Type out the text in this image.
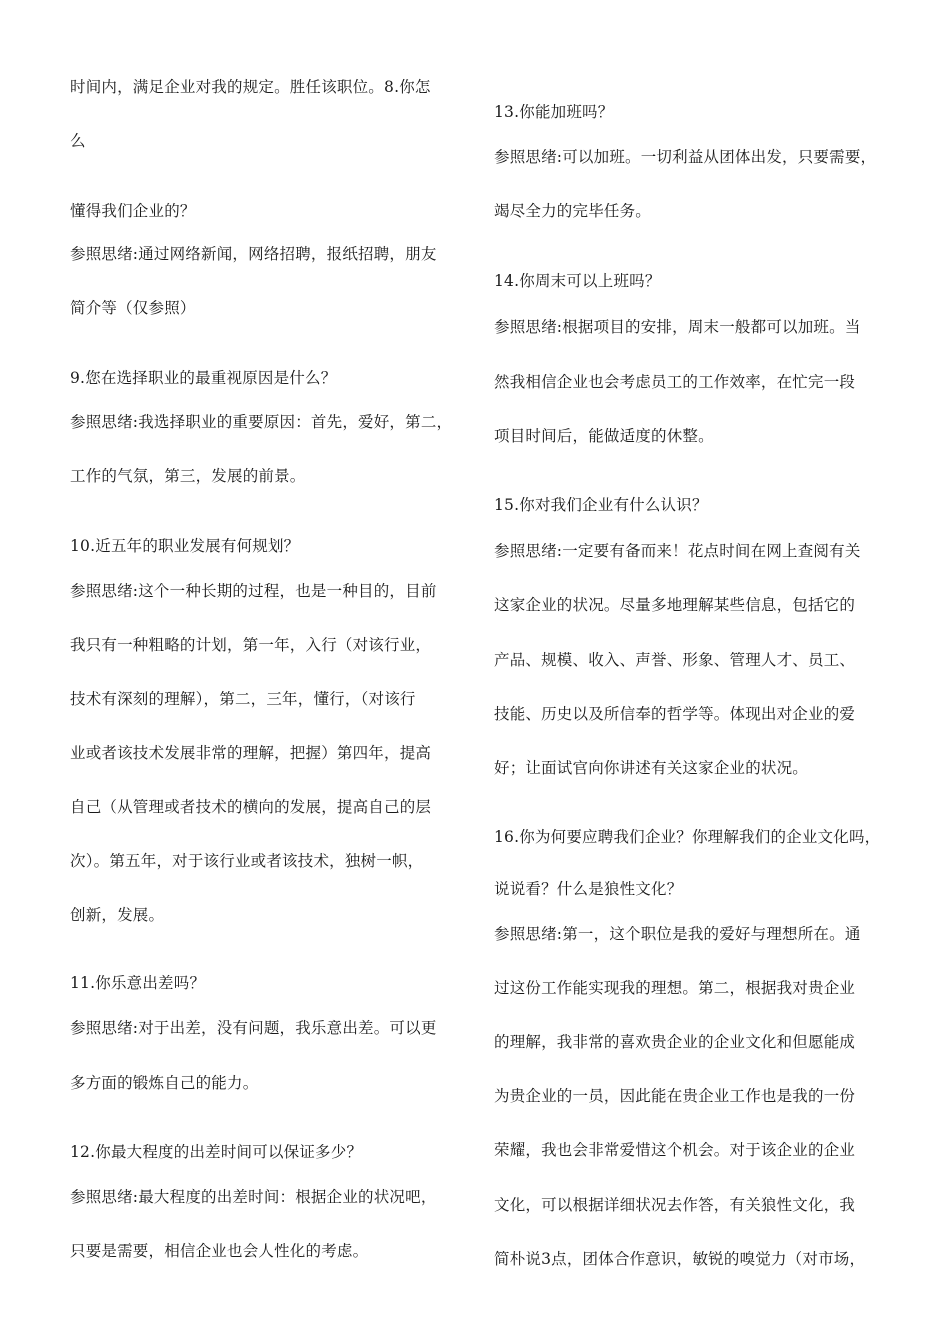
时间内，满足企业对我的规定。胜任该职位。8.你怎
么
懂得我们企业的？
参照思绪:通过网络新闻，网络招聘，报纸招聘，朋友
简介等（仅参照）
9.您在选择职业的最重视原因是什么？
参照思绪:我选择职业的重要原因：首先，爱好，第二，
工作的气氛，第三，发展的前景。
10.近五年的职业发展有何规划？
参照思绪:这个一种长期的过程，也是一种目的，目前
我只有一种粗略的计划，第一年，入行（对该行业，
技术有深刻的理解），第二，三年，懂行，（对该行
业或者该技术发展非常的理解，把握）第四年，提高
自己（从管理或者技术的横向的发展，提高自己的层
次）。第五年，对于该行业或者该技术，独树一帜，
创新，发展。
11.你乐意出差吗？
参照思绪:对于出差，没有问题，我乐意出差。可以更
多方面的锻炼自己的能力。
12.你最大程度的出差时间可以保证多少？
参照思绪:最大程度的出差时间：根据企业的状况吧，
只要是需要，相信企业也会人性化的考虑。
13.你能加班吗？
参照思绪:可以加班。一切利益从团体出发，只要需要，
竭尽全力的完毕任务。
14.你周末可以上班吗？
参照思绪:根据项目的安排，周末一般都可以加班。当
然我相信企业也会考虑员工的工作效率，在忙完一段
项目时间后，能做适度的休整。
15.你对我们企业有什么认识？
参照思绪:一定要有备而来！花点时间在网上查阅有关
这家企业的状况。尽量多地理解某些信息，包括它的
产品、规模、收入、声誉、形象、管理人才、员工、
技能、历史以及所信奉的哲学等。体现出对企业的爱
好；让面试官向你讲述有关这家企业的状况。
16.你为何要应聘我们企业？你理解我们的企业文化吗，
说说看？什么是狼性文化？
参照思绪:第一，这个职位是我的爱好与理想所在。通
过这份工作能实现我的理想。第二，根据我对贵企业
的理解，我非常的喜欢贵企业的企业文化和但愿能成
为贵企业的一员，因此能在贵企业工作也是我的一份
荣耀，我也会非常爱惜这个机会。对于该企业的企业
文化，可以根据详细状况去作答，有关狼性文化，我
简朴说3点，团体合作意识，敏锐的嗅觉力（对市场，
